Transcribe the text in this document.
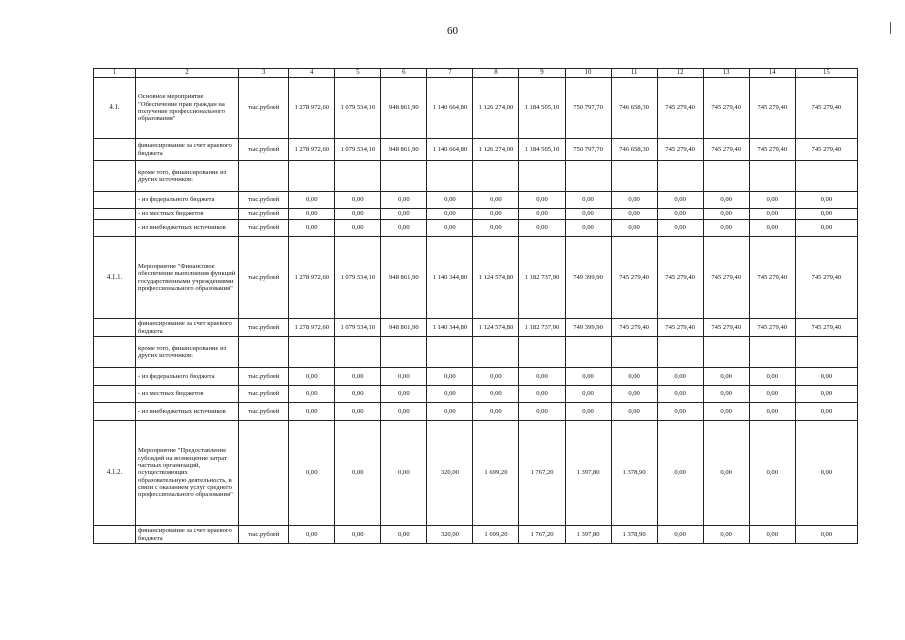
60
1	2	3	4	5	6	7	8	9	10	11	12	13	14	15
4.1.	Основное мероприятие "Обеспечение прав граждан на получение профессионального образования"	тыс.рублей	1 278 972,60	1 079 534,10	948 861,90	1 140 664,80	1 126 274,00	1 184 505,10	750 797,70	746 658,30	745 279,40	745 279,40	745 279,40	745 279,40
	финансирование за счет краевого бюджета	тыс.рублей	1 278 972,60	1 079 534,10	948 861,90	1 140 664,80	1 126 274,00	1 184 505,10	750 797,70	746 658,30	745 279,40	745 279,40	745 279,40	745 279,40
	кроме того, финансирование из других источников:													
	- из федерального бюджета	тыс.рублей	0,00	0,00	0,00	0,00	0,00	0,00	0,00	0,00	0,00	0,00	0,00	0,00
	- из местных бюджетов	тыс.рублей	0,00	0,00	0,00	0,00	0,00	0,00	0,00	0,00	0,00	0,00	0,00	0,00
	- из внебюджетных источников	тыс.рублей	0,00	0,00	0,00	0,00	0,00	0,00	0,00	0,00	0,00	0,00	0,00	0,00
4.1.1.	Мероприятие "Финансовое обеспечение выполнения функций государственными учреждениями профессионального образования"	тыс.рублей	1 278 972,60	1 079 534,10	948 861,90	1 140 344,80	1 124 574,80	1 182 737,90	749 399,90	745 279,40	745 279,40	745 279,40	745 279,40	745 279,40
	финансирование за счет краевого бюджета	тыс.рублей	1 278 972,60	1 079 534,10	948 861,90	1 140 344,80	1 124 574,80	1 182 737,90	749 399,90	745 279,40	745 279,40	745 279,40	745 279,40	745 279,40
	кроме того, финансирование из других источников:													
	- из федерального бюджета	тыс.рублей	0,00	0,00	0,00	0,00	0,00	0,00	0,00	0,00	0,00	0,00	0,00	0,00
	- из местных бюджетов	тыс.рублей	0,00	0,00	0,00	0,00	0,00	0,00	0,00	0,00	0,00	0,00	0,00	0,00
	- из внебюджетных источников	тыс.рублей	0,00	0,00	0,00	0,00	0,00	0,00	0,00	0,00	0,00	0,00	0,00	0,00
4.1.2.	Мероприятие "Предоставление субсидий на возмещение затрат частных организаций, осуществляющих образовательную деятельность, в связи с оказанием услуг среднего профессионального образования"		0,00	0,00	0,00	320,00	1 699,20	1 767,20	1 397,80	1 378,90	0,00	0,00	0,00	0,00
	финансирование за счет краевого бюджета	тыс.рублей	0,00	0,00	0,00	320,00	1 699,20	1 767,20	1 397,80	1 378,90	0,00	0,00	0,00	0,00
